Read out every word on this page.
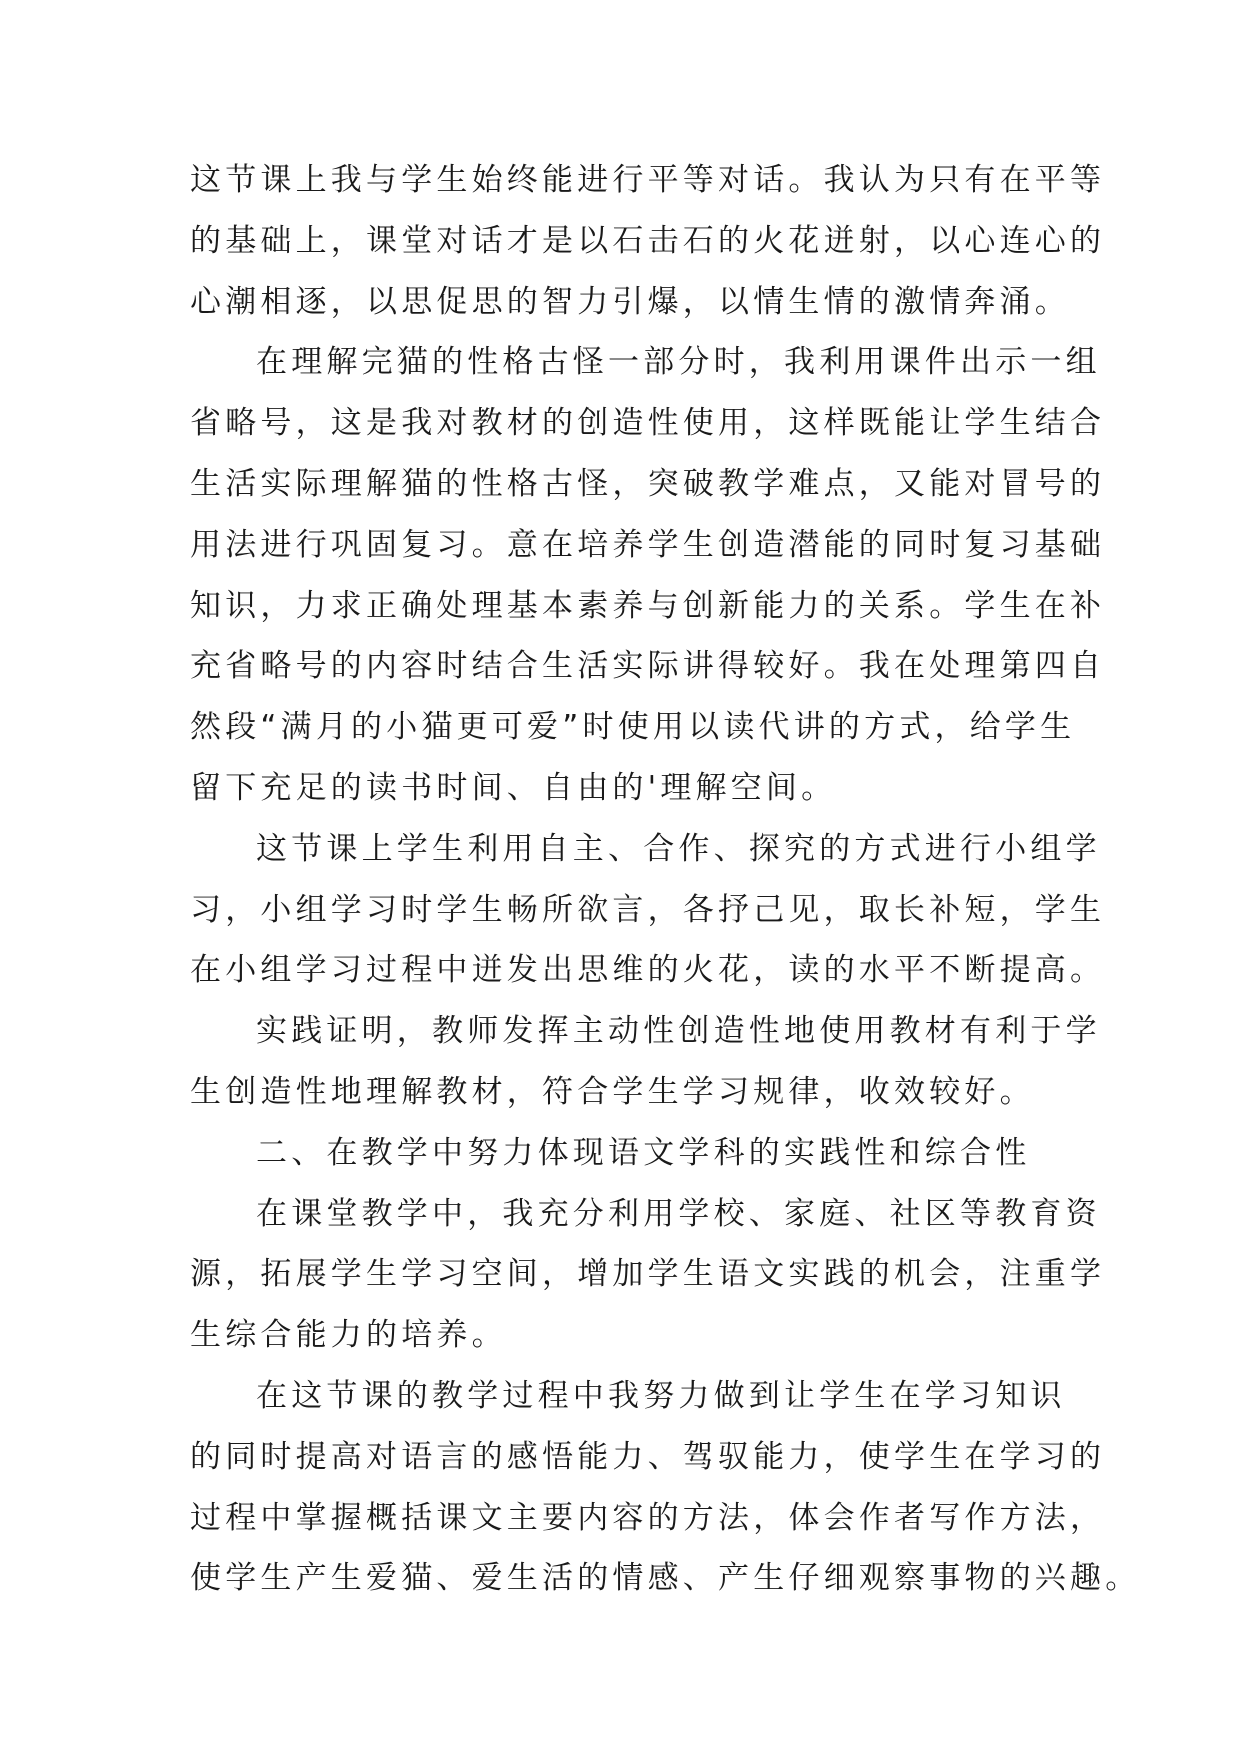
这节课上我与学生始终能进行平等对话。我认为只有在平等
的基础上，课堂对话才是以石击石的火花迸射，以心连心的
心潮相逐，以思促思的智力引爆，以情生情的激情奔涌。
在理解完猫的性格古怪一部分时，我利用课件出示一组
省略号，这是我对教材的创造性使用，这样既能让学生结合
生活实际理解猫的性格古怪，突破教学难点，又能对冒号的
用法进行巩固复习。意在培养学生创造潜能的同时复习基础
知识，力求正确处理基本素养与创新能力的关系。学生在补
充省略号的内容时结合生活实际讲得较好。我在处理第四自
然段“满月的小猫更可爱”时使用以读代讲的方式，给学生
留下充足的读书时间、自由的'理解空间。
这节课上学生利用自主、合作、探究的方式进行小组学
习，小组学习时学生畅所欲言，各抒己见，取长补短，学生
在小组学习过程中迸发出思维的火花，读的水平不断提高。
实践证明，教师发挥主动性创造性地使用教材有利于学
生创造性地理解教材，符合学生学习规律，收效较好。
二、在教学中努力体现语文学科的实践性和综合性
在课堂教学中，我充分利用学校、家庭、社区等教育资
源，拓展学生学习空间，增加学生语文实践的机会，注重学
生综合能力的培养。
在这节课的教学过程中我努力做到让学生在学习知识
的同时提高对语言的感悟能力、驾驭能力，使学生在学习的
过程中掌握概括课文主要内容的方法，体会作者写作方法，
使学生产生爱猫、爱生活的情感、产生仔细观察事物的兴趣。
